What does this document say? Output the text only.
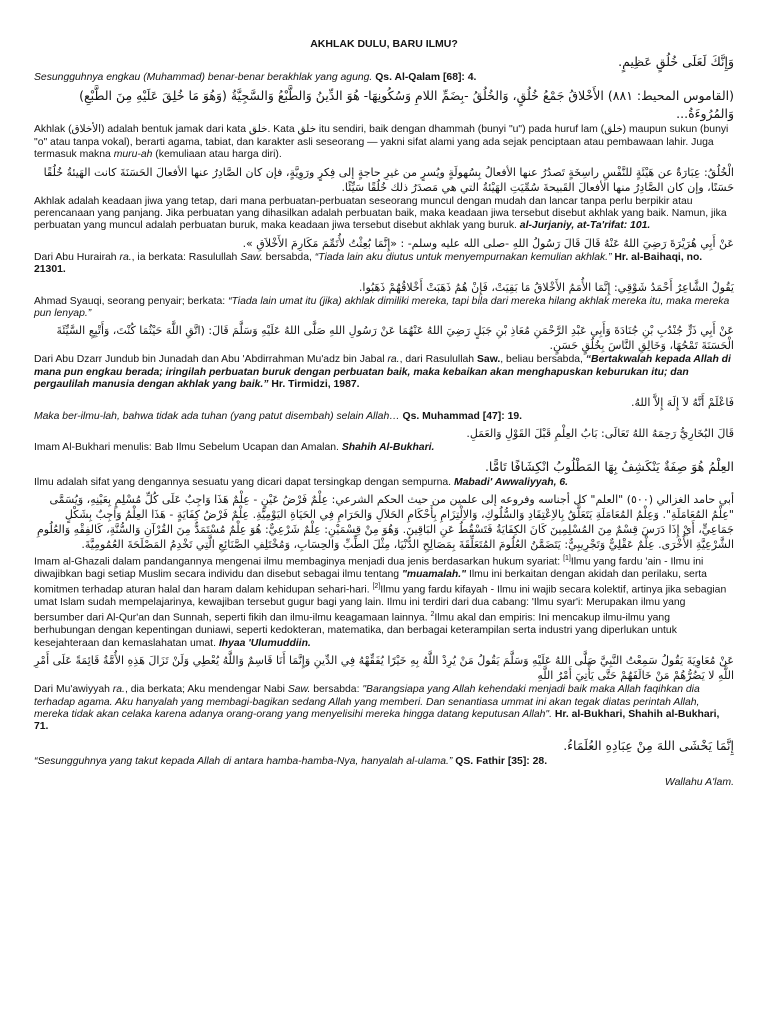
AKHLAK DULU, BARU ILMU?

وَإِنَّكَ لَعَلَى خُلُقٍ عَظِيمٍ.

Sesungguhnya engkau (Muhammad) benar-benar berakhlak yang agung. Qs. Al-Qalam [68]: 4.

(القاموس المحيط: ٨٨١) الأَخْلاقُ جَمْعُ خُلُقٍ، وَالخُلُقُ -بِضَمِّ اللامِ وَسُكُونِهَا- هُوَ الدِّينُ وَالطَّبْعُ وَالسَّجِيَّةُ (وَهُوَ مَا خُلِقَ عَلَيْهِ مِنَ الطَّبْعِ) وَالمُرُوءَةُ...

Akhlak (الأخلاق) adalah bentuk jamak dari kata خلق. Kata خلق itu sendiri, baik dengan dhammah (bunyi "u") pada huruf lam (خلق) maupun sukun (bunyi "o" atau tanpa vokal), berarti agama, tabiat, dan karakter asli seseorang — yakni sifat alami yang ada sejak penciptaan atau pembawaan lahir. Juga termasuk makna muru-ah (kemuliaan atau harga diri).

الْخُلُقُ: عِبَارَةٌ عن هَيْئَةٍ للنَّفْسِ راسِخَةٍ تَصدُرُ عنها الأفعالُ بِسُهولَةٍ ويُسرٍ من غيرِ حاجةٍ إلى فِكرٍ ورَوِيَّةٍ، فإن كان الصَّادِرُ عنها الأفعالَ الحَسَنَةَ كانت الهَيئةُ خُلُقًا حَسَنًا، وإن كان الصَّادِرُ منها الأفعالَ القَبيحةَ سُمِّيَتِ الهَيْئةُ التي هي مَصدَرُ ذلك خُلُقًا سَيِّئًا.

Akhlak adalah keadaan jiwa yang tetap, dari mana perbuatan-perbuatan seseorang muncul dengan mudah dan lancar tanpa perlu berpikir atau perencanaan yang panjang. Jika perbuatan yang dihasilkan adalah perbuatan baik, maka keadaan jiwa tersebut disebut akhlak yang baik. Namun, jika perbuatan yang muncul adalah perbuatan buruk, maka keadaan jiwa tersebut disebut akhlak yang buruk. al-Jurjaniy, at-Ta'rifat: 101.

عَنْ أَبِي هُرَيْرَةَ رَضِيَ اللهُ عَنْهُ قَالَ قَالَ رَسُولُ اللهِ -صلى الله عليه وسلم- : «إِنَّمَا بُعِثْتُ لأُتَمِّمَ مَكَارِمَ الأَخْلاَقِ ».

Dari Abu Hurairah ra., ia berkata: Rasulullah Saw. bersabda, “Tiada lain aku diutus untuk menyempurnakan kemulian akhlak.” Hr. al-Baihaqi, no. 21301.

يَقُولُ الشَّاعِرُ أَحْمَدُ شَوْقِي: إِنَّمَا الأُمَمُ الأَخْلاقُ مَا بَقِيَتْ، فَإِنْ هُمُ ذَهَبَتْ أَخْلاقُهُمْ ذَهَبُوا.

Ahmad Syauqi, seorang penyair; berkata: “Tiada lain umat itu (jika) akhlak dimiliki mereka, tapi bila dari mereka hilang akhlak mereka itu, maka mereka pun lenyap.”

عَنْ أَبِي ذَرٍّ جُنْدُبِ بْنِ جُنَادَةَ وَأَبِي عَبْدِ الرَّحْمَنِ مُعَاذِ بْنِ جَبَلٍ رَضِيَ اللهُ عَنْهُمَا عَنْ رَسُولِ اللهِ صَلَّى اللهُ عَلَيْهِ وَسَلَّمَ قَالَ: (اتَّقِ اللَّهَ حَيْثُمَا كُنْتَ، وَأَتْبِعِ السَّيِّئَةَ الْحَسَنَةَ تَمْحُهَا، وَخَالِقِ النَّاسَ بِخُلُقٍ حَسَنٍ.

Dari Abu Dzarr Jundub bin Junadah dan Abu 'Abdirrahman Mu'adz bin Jabal ra., dari Rasulullah Saw., beliau bersabda, “Bertakwalah kepada Allah di mana pun engkau berada; iringilah perbuatan buruk dengan perbuatan baik, maka kebaikan akan menghapuskan keburukan itu; dan pergaulilah manusia dengan akhlak yang baik.” Hr. Tirmidzi, 1987.

فَاعْلَمْ أَنَّهُ لاَ إِلَهَ إِلاَّ اللهُ.

Maka ber-ilmu-lah, bahwa tidak ada tuhan (yang patut disembah) selain Allah… Qs. Muhammad [47]: 19.

قَالَ البُخَارِيُّ رَحِمَهُ اللهُ تَعَالَى: بَابُ العِلْمِ قَبْلَ القَوْلِ وَالعَمَلِ.

Imam Al-Bukhari menulis: Bab Ilmu Sebelum Ucapan dan Amalan. Shahih Al-Bukhari.

العِلْمُ هُوَ صِفَةٌ يَنْكَشِفُ بِهَا المَطْلُوبُ انْكِشَافًا تَامًّا.

Ilmu adalah sifat yang dengannya sesuatu yang dicari dapat tersingkap dengan sempurna. Mabadi' Awwaliyyah, 6.

أبي حامد الغزالي (٥٠٠) "العلم" كل أجناسه وفروعه إلى علمين من حيث الحكم الشرعي: عِلْمٌ فَرْضُ عَيْنٍ - عِلْمٌ هَذَا وَاجِبٌ عَلَى كُلِّ مُسْلِمٍ بِعَيْنِهِ، وَيُسَمَّى "عِلْمُ المُعَامَلَةِ". وَعِلْمُ المُعَامَلَةِ يَتَعَلَّقُ بِالاِعْتِقَادِ وَالسُّلُوكِ، وَالاِلْتِزَامِ بِأَحْكَامِ الحَلاَلِ وَالحَرَامِ فِي الحَيَاةِ اليَوْمِيَّةِ. عِلْمٌ فَرْضُ كِفَايَةٍ - هَذَا العِلْمُ وَاجِبٌ بِشَكْلٍ جَمَاعِيٍّ، أَيْ إِذَا دَرَسَ قِسْمٌ مِنَ المُسْلِمِينَ كَانَ الكِفَايَةُ فَتَسْقُطُ عَنِ البَاقِينَ. وَهُوَ مِنْ قِسْمَيْنِ: عِلْمٌ شَرْعِيٌّ: هُوَ عِلْمٌ مُسْتَمَدٌّ مِنَ القُرْآنِ وَالسُّنَّةِ، كَالفِقْهِ وَالعُلُومِ الشَّرْعِيَّةِ الأُخْرَى. عِلْمٌ عَقْلِيٌّ وَتَجْرِيبِيٌّ: يَتَضَمَّنُ العُلُومَ المُتَعَلِّقَةَ بِمَصَالِحِ الدُّنْيَا، مِثْلَ الطِّبِّ وَالحِسَابِ، وَمُخْتَلِفِ الصَّنَائِعِ الَّتِي تَخْدِمُ المَصْلَحَةَ العُمُومِيَّةَ.

Imam al-Ghazali dalam pandangannya mengenai ilmu membaginya menjadi dua jenis berdasarkan hukum syariat: [1]Ilmu yang fardu 'ain - Ilmu ini diwajibkan bagi setiap Muslim secara individu dan disebut sebagai ilmu tentang "muamalah." Ilmu ini berkaitan dengan akidah dan perilaku, serta komitmen terhadap aturan halal dan haram dalam kehidupan sehari-hari. [2]Ilmu yang fardu kifayah - Ilmu ini wajib secara kolektif, artinya jika sebagian umat Islam sudah mempelajarinya, kewajiban tersebut gugur bagi yang lain. Ilmu ini terdiri dari dua cabang: 'Ilmu syar'i: Merupakan ilmu yang bersumber dari Al-Qur'an dan Sunnah, seperti fikih dan ilmu-ilmu keagamaan lainnya. $^2$Ilmu akal dan empiris: Ini mencakup ilmu-ilmu yang berhubungan dengan kepentingan duniawi, seperti kedokteran, matematika, dan berbagai keterampilan serta industri yang diperlukan untuk kesejahteraan dan kemaslahatan umat. Ihyaa 'Ulumuddiin.

عَنْ مُعَاوِيَةَ يَقُولُ سَمِعْتُ النَّبِيَّ صَلَّى اللهُ عَلَيْهِ وَسَلَّمَ يَقُولُ مَنْ يُرِدْ اللَّهُ بِهِ خَيْرًا يُفَقِّهْهُ فِي الدِّينِ وَإِنَّمَا أَنَا قَاسِمٌ وَاللَّهُ يُعْطِي وَلَنْ تَزَالَ هَذِهِ الأُمَّةُ قَائِمَةً عَلَى أَمْرِ اللَّهِ لا يَضُرُّهُمْ مَنْ خَالَفَهُمْ حَتَّى يَأْتِيَ أَمْرُ اللَّهِ

Dari Mu'awiyyah ra., dia berkata; Aku mendengar Nabi Saw. bersabda: "Barangsiapa yang Allah kehendaki menjadi baik maka Allah faqihkan dia terhadap agama. Aku hanyalah yang membagi-bagikan sedang Allah yang memberi. Dan senantiasa ummat ini akan tegak diatas perintah Allah, mereka tidak akan celaka karena adanya orang-orang yang menyelisihi mereka hingga datang keputusan Allah". Hr. al-Bukhari, Shahih al-Bukhari, 71.

إِنَّمَا يَخْشَى اللهَ مِنْ عِبَادِهِ العُلَمَاءُ.

“Sesungguhnya yang takut kepada Allah di antara hamba-hamba-Nya, hanyalah al-ulama.” QS. Fathir [35]: 28.

Wallahu A'lam.
